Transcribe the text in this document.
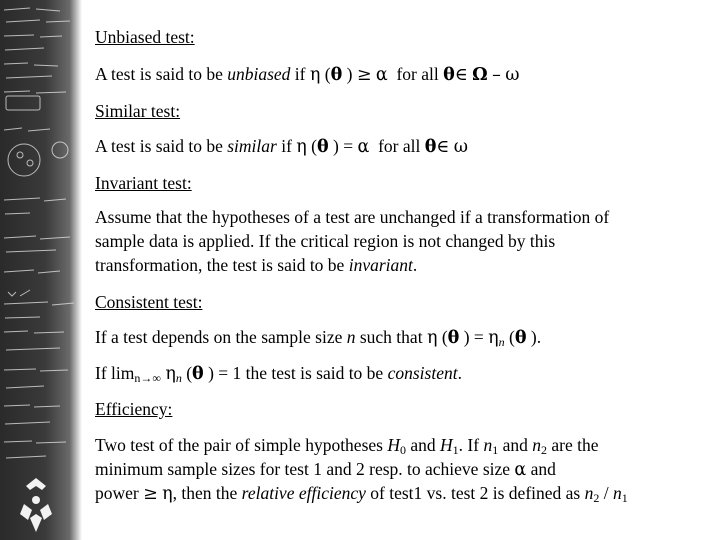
Unbiased test:
A test is said to be unbiased if η (θ ) ≥ α for all θ∈ Ω – ω
Similar test:
A test is said to be similar if η (θ ) = α for all θ∈ ω
Invariant test:
Assume that the hypotheses of a test are unchanged if a transformation of
sample data is applied. If the critical region is not changed by this
transformation, the test is said to be invariant.
Consistent test:
If a test depends on the sample size n such that η (θ ) = $\eta_n$ (θ ).
If limn→∞ $\eta_n$ (θ ) = 1 the test is said to be consistent.
Efficiency:
Two test of the pair of simple hypotheses $H_0$ and $H_1$. If $n_1$ and $n_2$ are the
minimum sample sizes for test 1 and 2 resp. to achieve size α and
power ≥ η, then the relative efficiency of test1 vs. test 2 is defined as $n_2 / n_1$
